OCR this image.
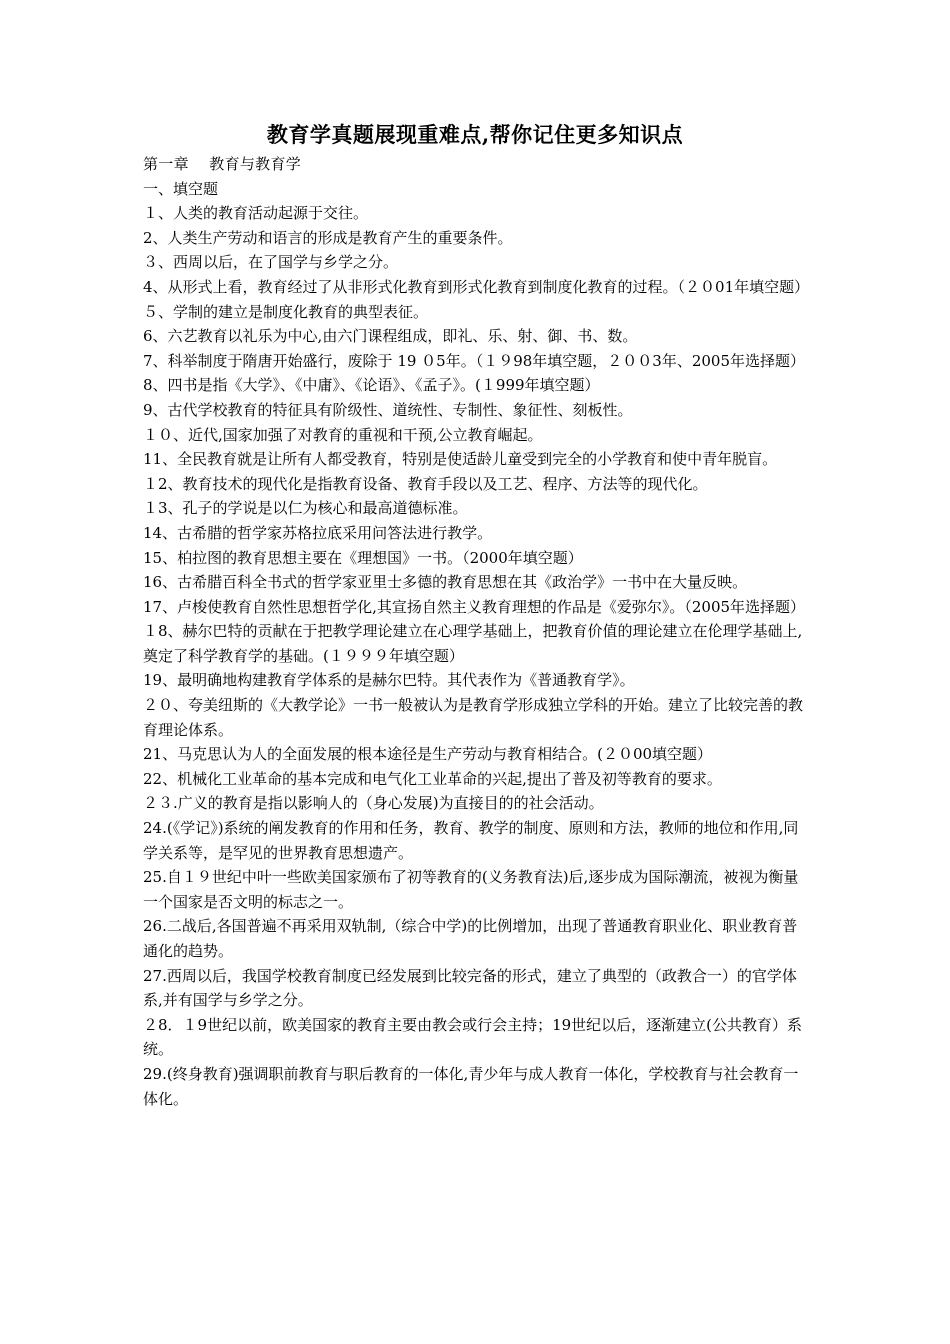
教育学真题展现重难点,帮你记住更多知识点

第一章　 教育与教育学

一、填空题

１、人类的教育活动起源于交往。

2、人类生产劳动和语言的形成是教育产生的重要条件。

３、西周以后，在了国学与乡学之分。

4、从形式上看，教育经过了从非形式化教育到形式化教育到制度化教育的过程。（２０01年填空题）

５、学制的建立是制度化教育的典型表征。

6、六艺教育以礼乐为中心,由六门课程组成，即礼、乐、射、御、书、数。

7、科举制度于隋唐开始盛行，废除于 19 ０5年。（１９98年填空题，２００3年、2005年选择题）

8、四书是指《大学》、《中庸》、《论语》、《孟子》。(１999年填空题）

9、古代学校教育的特征具有阶级性、道统性、专制性、象征性、刻板性。

１０、近代,国家加强了对教育的重视和干预,公立教育崛起。

11、全民教育就是让所有人都受教育，特别是使适龄儿童受到完全的小学教育和使中青年脱盲。

１2、教育技术的现代化是指教育设备、教育手段以及工艺、程序、方法等的现代化。

１3、孔子的学说是以仁为核心和最高道德标准。

14、古希腊的哲学家苏格拉底采用问答法进行教学。

15、柏拉图的教育思想主要在《理想国》一书。（2000年填空题）

16、古希腊百科全书式的哲学家亚里士多德的教育思想在其《政治学》一书中在大量反映。

17、卢梭使教育自然性思想哲学化,其宣扬自然主义教育理想的作品是《爱弥尔》。（2005年选择题）

１8、赫尔巴特的贡献在于把教学理论建立在心理学基础上，把教育价值的理论建立在伦理学基础上,奠定了科学教育学的基础。(１９９９年填空题）

19、最明确地构建教育学体系的是赫尔巴特。其代表作为《普通教育学》。

２０、夸美纽斯的《大教学论》一书一般被认为是教育学形成独立学科的开始。建立了比较完善的教育理论体系。

21、马克思认为人的全面发展的根本途径是生产劳动与教育相结合。(２０00填空题）

22、机械化工业革命的基本完成和电气化工业革命的兴起,提出了普及初等教育的要求。

２３.广义的教育是指以影响人的（身心发展)为直接目的的社会活动。

24.(《学记》)系统的阐发教育的作用和任务，教育、教学的制度、原则和方法，教师的地位和作用,同学关系等，是罕见的世界教育思想遗产。

25.自１９世纪中叶一些欧美国家颁布了初等教育的(义务教育法)后,逐步成为国际潮流，被视为衡量一个国家是否文明的标志之一。

26.二战后,各国普遍不再采用双轨制,（综合中学)的比例增加，出现了普通教育职业化、职业教育普通化的趋势。

27.西周以后，我国学校教育制度已经发展到比较完备的形式，建立了典型的（政教合一）的官学体系,并有国学与乡学之分。

２8．１9世纪以前，欧美国家的教育主要由教会或行会主持；19世纪以后，逐渐建立(公共教育）系统。

29.(终身教育)强调职前教育与职后教育的一体化,青少年与成人教育一体化，学校教育与社会教育一体化。
